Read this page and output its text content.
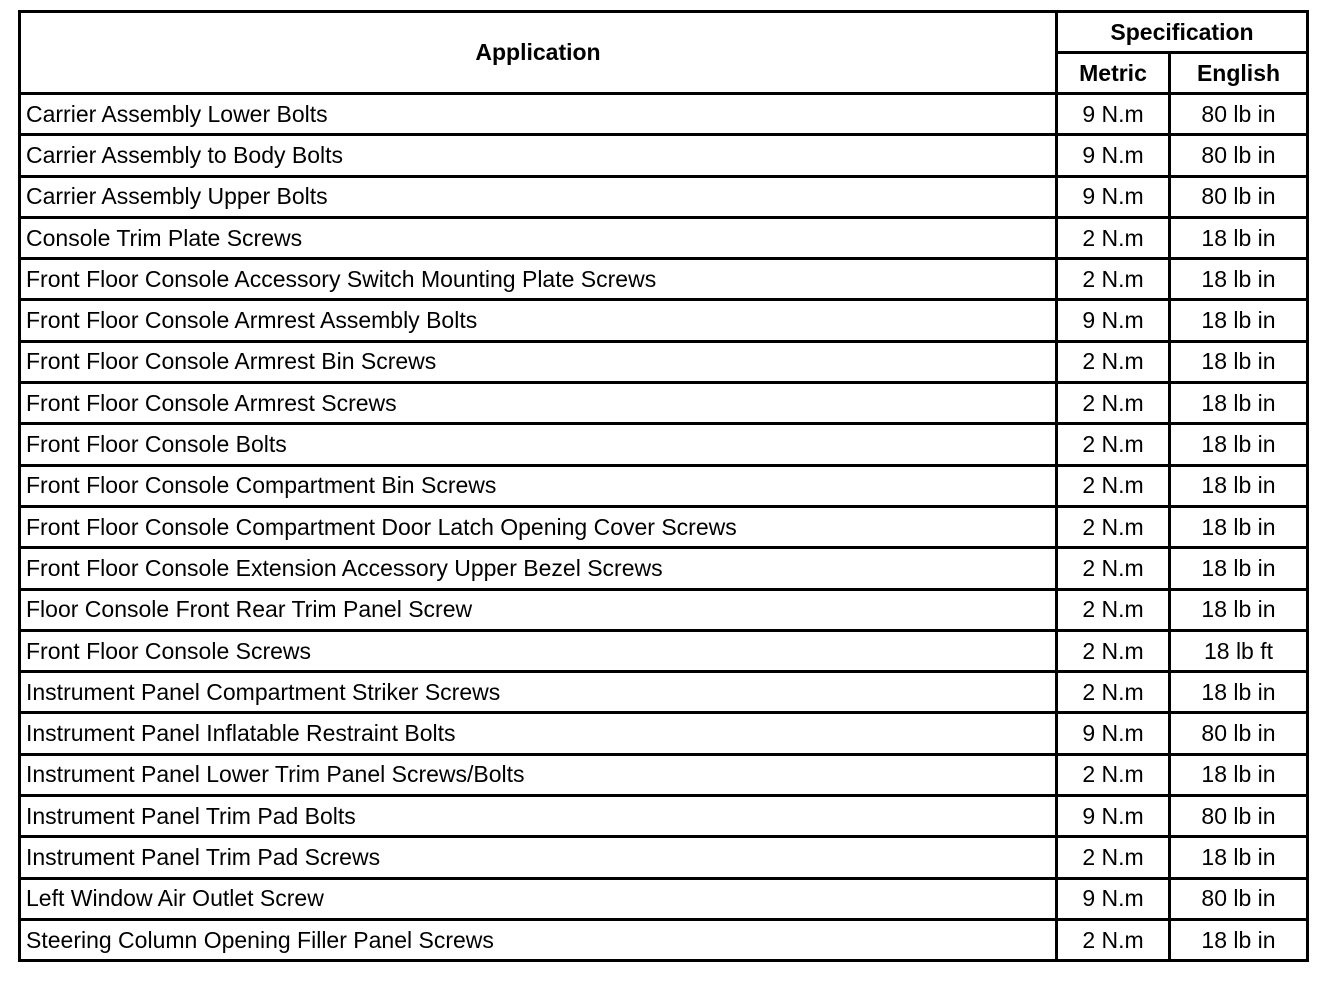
Application	Specification	
	Metric	English
Carrier Assembly Lower Bolts	9 N.m	80 lb in
Carrier Assembly to Body Bolts	9 N.m	80 lb in
Carrier Assembly Upper Bolts	9 N.m	80 lb in
Console Trim Plate Screws	2 N.m	18 lb in
Front Floor Console Accessory Switch Mounting Plate Screws	2 N.m	18 lb in
Front Floor Console Armrest Assembly Bolts	9 N.m	18 lb in
Front Floor Console Armrest Bin Screws	2 N.m	18 lb in
Front Floor Console Armrest Screws	2 N.m	18 lb in
Front Floor Console Bolts	2 N.m	18 lb in
Front Floor Console Compartment Bin Screws	2 N.m	18 lb in
Front Floor Console Compartment Door Latch Opening Cover Screws	2 N.m	18 lb in
Front Floor Console Extension Accessory Upper Bezel Screws	2 N.m	18 lb in
Floor Console Front Rear Trim Panel Screw	2 N.m	18 lb in
Front Floor Console Screws	2 N.m	18 lb ft
Instrument Panel Compartment Striker Screws	2 N.m	18 lb in
Instrument Panel Inflatable Restraint Bolts	9 N.m	80 lb in
Instrument Panel Lower Trim Panel Screws/Bolts	2 N.m	18 lb in
Instrument Panel Trim Pad Bolts	9 N.m	80 lb in
Instrument Panel Trim Pad Screws	2 N.m	18 lb in
Left Window Air Outlet Screw	9 N.m	80 lb in
Steering Column Opening Filler Panel Screws	2 N.m	18 lb in
